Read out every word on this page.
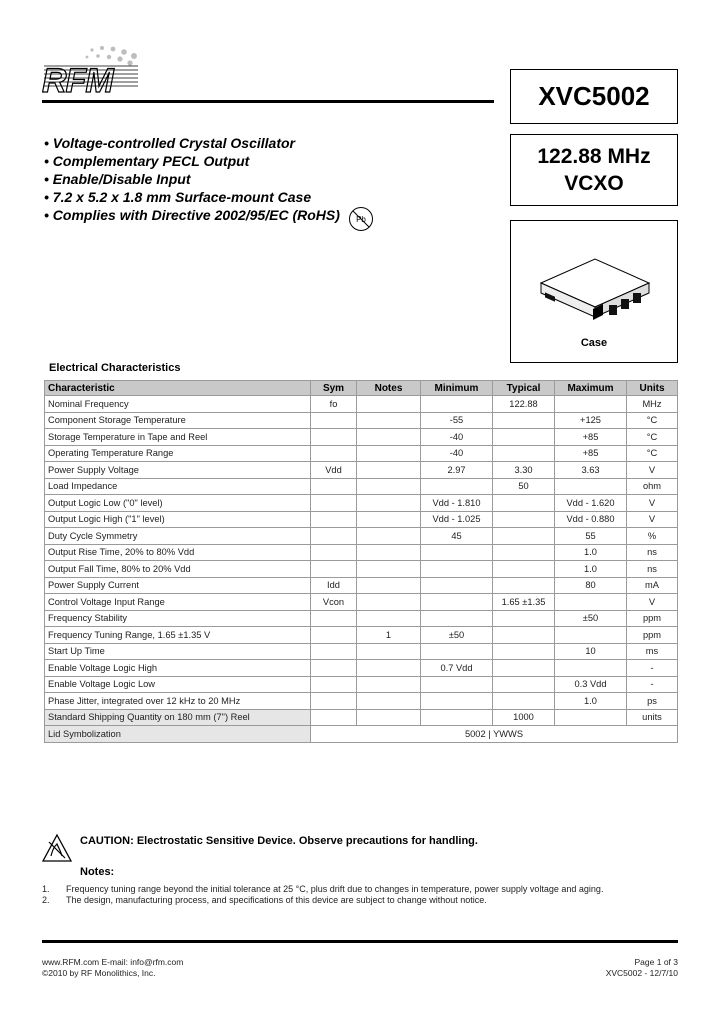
RFM	XVC5002
122.88 MHz
VCXO
Case
• Voltage-controlled Crystal Oscillator
• Complementary PECL Output
• Enable/Disable Input
• 7.2 x 5.2 x 1.8 mm Surface-mount Case
• Complies with Directive 2002/95/EC (RoHS) Pb
Electrical Characteristics
Characteristic	Sym	Notes	Minimum	Typical	Maximum	Units
Nominal Frequency	fo			122.88		MHz
Component Storage Temperature			-55		+125	°C
Storage Temperature in Tape and Reel			-40		+85	°C
Operating Temperature Range			-40		+85	°C
Power Supply Voltage	Vdd		2.97	3.30	3.63	V
Load Impedance				50		ohm
Output Logic Low ("0" level)			Vdd - 1.810		Vdd - 1.620	V
Output Logic High ("1" level)			Vdd - 1.025		Vdd - 0.880	V
Duty Cycle Symmetry			45		55	%
Output Rise Time, 20% to 80% Vdd					1.0	ns
Output Fall Time, 80% to 20% Vdd					1.0	ns
Power Supply Current	Idd				80	mA
Control Voltage Input Range	Vcon			1.65 ±1.35		V
Frequency Stability					±50	ppm
Frequency Tuning Range, 1.65 ±1.35 V		1	±50			ppm
Start Up Time					10	ms
Enable Voltage Logic High			0.7 Vdd			-
Enable Voltage Logic Low					0.3 Vdd	-
Phase Jitter, integrated over 12 kHz to 20 MHz					1.0	ps
Standard Shipping Quantity on 180 mm (7") Reel				1000		units
Lid Symbolization	5002 | YWWS					
CAUTION: Electrostatic Sensitive Device. Observe precautions for handling.
Notes:
1. Frequency tuning range beyond the initial tolerance at 25 °C, plus drift due to changes in temperature, power supply voltage and aging.
2. The design, manufacturing process, and specifications of this device are subject to change without notice.
www.RFM.com E-mail: info@rfm.com
©2010 by RF Monolithics, Inc.
Page 1 of 3
XVC5002 - 12/7/10
